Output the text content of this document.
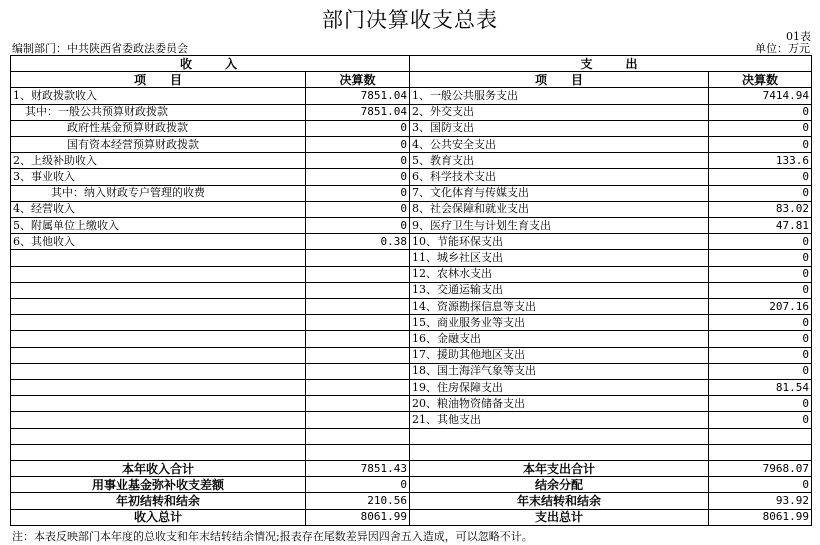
部门决算收支总表
01表
编制部门：中共陕西省委政法委员会	单位：万元
收　　入		支　　出	
项　　目	决算数	项　　目	决算数
1、财政拨款收入	7851.04	1、一般公共服务支出	7414.94
其中：一般公共预算财政拨款	7851.04	2、外交支出	0
政府性基金预算财政拨款	0	3、国防支出	0
国有资本经营预算财政拨款	0	4、公共安全支出	0
2、上级补助收入	0	5、教育支出	133.6
3、事业收入	0	6、科学技术支出	0
其中：纳入财政专户管理的收费	0	7、文化体育与传媒支出	0
4、经营收入	0	8、社会保障和就业支出	83.02
5、附属单位上缴收入	0	9、医疗卫生与计划生育支出	47.81
6、其他收入	0.38	10、节能环保支出	0
		11、城乡社区支出	0
		12、农林水支出	0
		13、交通运输支出	0
		14、资源勘探信息等支出	207.16
		15、商业服务业等支出	0
		16、金融支出	0
		17、援助其他地区支出	0
		18、国土海洋气象等支出	0
		19、住房保障支出	81.54
		20、粮油物资储备支出	0
		21、其他支出	0

本年收入合计	7851.43	本年支出合计	7968.07
用事业基金弥补收支差额	0	结余分配	0
年初结转和结余	210.56	年末结转和结余	93.92
收入总计	8061.99	支出总计	8061.99
注：本表反映部门本年度的总收支和年末结转结余情况;报表存在尾数差异因四舍五入造成，可以忽略不计。
